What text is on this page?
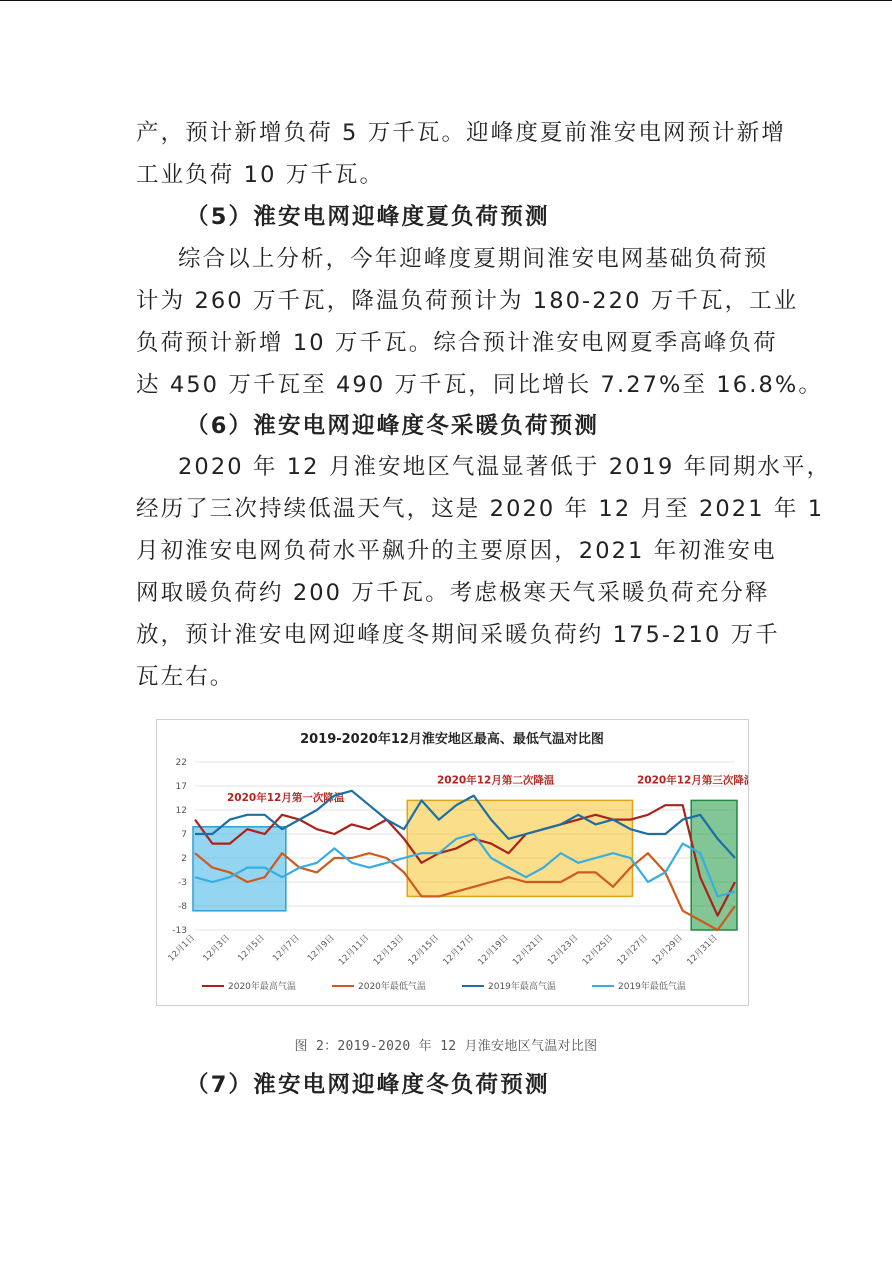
产，预计新增负荷 5 万千瓦。迎峰度夏前淮安电网预计新增
工业负荷 10 万千瓦。
（5）淮安电网迎峰度夏负荷预测
综合以上分析，今年迎峰度夏期间淮安电网基础负荷预
计为 260 万千瓦，降温负荷预计为 180-220 万千瓦，工业
负荷预计新增 10 万千瓦。综合预计淮安电网夏季高峰负荷
达 450 万千瓦至 490 万千瓦，同比增长 7.27%至 16.8%。
（6）淮安电网迎峰度冬采暖负荷预测
2020 年 12 月淮安地区气温显著低于 2019 年同期水平，
经历了三次持续低温天气，这是 2020 年 12 月至 2021 年 1
月初淮安电网负荷水平飙升的主要原因，2021 年初淮安电
网取暖负荷约 200 万千瓦。考虑极寒天气采暖负荷充分释
放，预计淮安电网迎峰度冬期间采暖负荷约 175-210 万千
瓦左右。
2019-2020年12月淮安地区最高、最低气温对比图
22
17
12
7
2
-3
-8
-13
2020年12月第一次降温
2020年12月第二次降温	2020年12月第三次降温
12月1日 12月3日 12月5日 12月7日 12月9日 12月11日 12月13日 12月15日 12月17日 12月19日 12月21日 12月23日 12月25日 12月27日 12月29日 12月31日
2020年最高气温	2020年最低气温	2019年最高气温	2019年最低气温
图 2：2019-2020 年 12 月淮安地区气温对比图
（7）淮安电网迎峰度冬负荷预测
